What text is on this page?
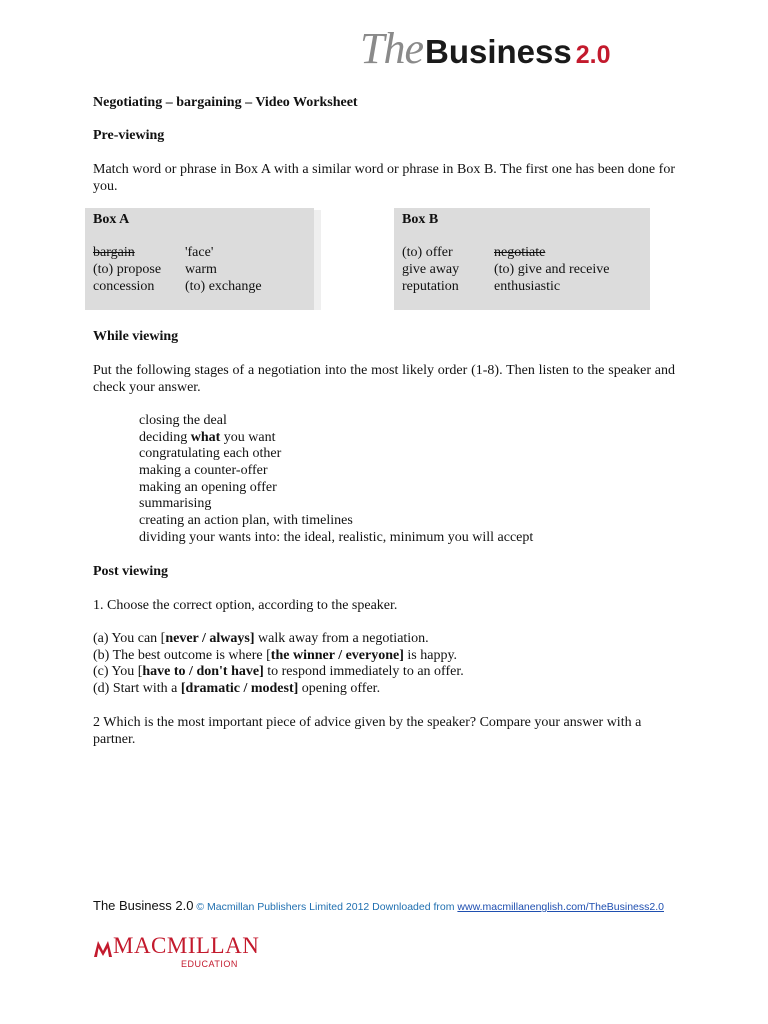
TheBusiness 2.0
Negotiating – bargaining – Video Worksheet
Pre-viewing
Match word or phrase in Box A with a similar word or phrase in Box B. The first one has been done for you.
Box A
bargain
(to) propose
concession
'face'
warm
(to) exchange
Box B
(to) offer
give away
reputation
negotiate
(to) give and receive
enthusiastic
While viewing
Put the following stages of a negotiation into the most likely order (1-8). Then listen to the speaker and check your answer.
closing the deal
deciding what you want
congratulating each other
making a counter-offer
making an opening offer
summarising
creating an action plan, with timelines
dividing your wants into: the ideal, realistic, minimum you will accept
Post viewing
1. Choose the correct option, according to the speaker.
(a) You can [never / always] walk away from a negotiation.
(b) The best outcome is where [the winner / everyone] is happy.
(c) You [have to / don't have] to respond immediately to an offer.
(d) Start with a [dramatic / modest] opening offer.
2 Which is the most important piece of advice given by the speaker? Compare your answer with a partner.
The Business 2.0 © Macmillan Publishers Limited 2012 Downloaded from www.macmillanenglish.com/TheBusiness2.0
MACMILLAN
EDUCATION
